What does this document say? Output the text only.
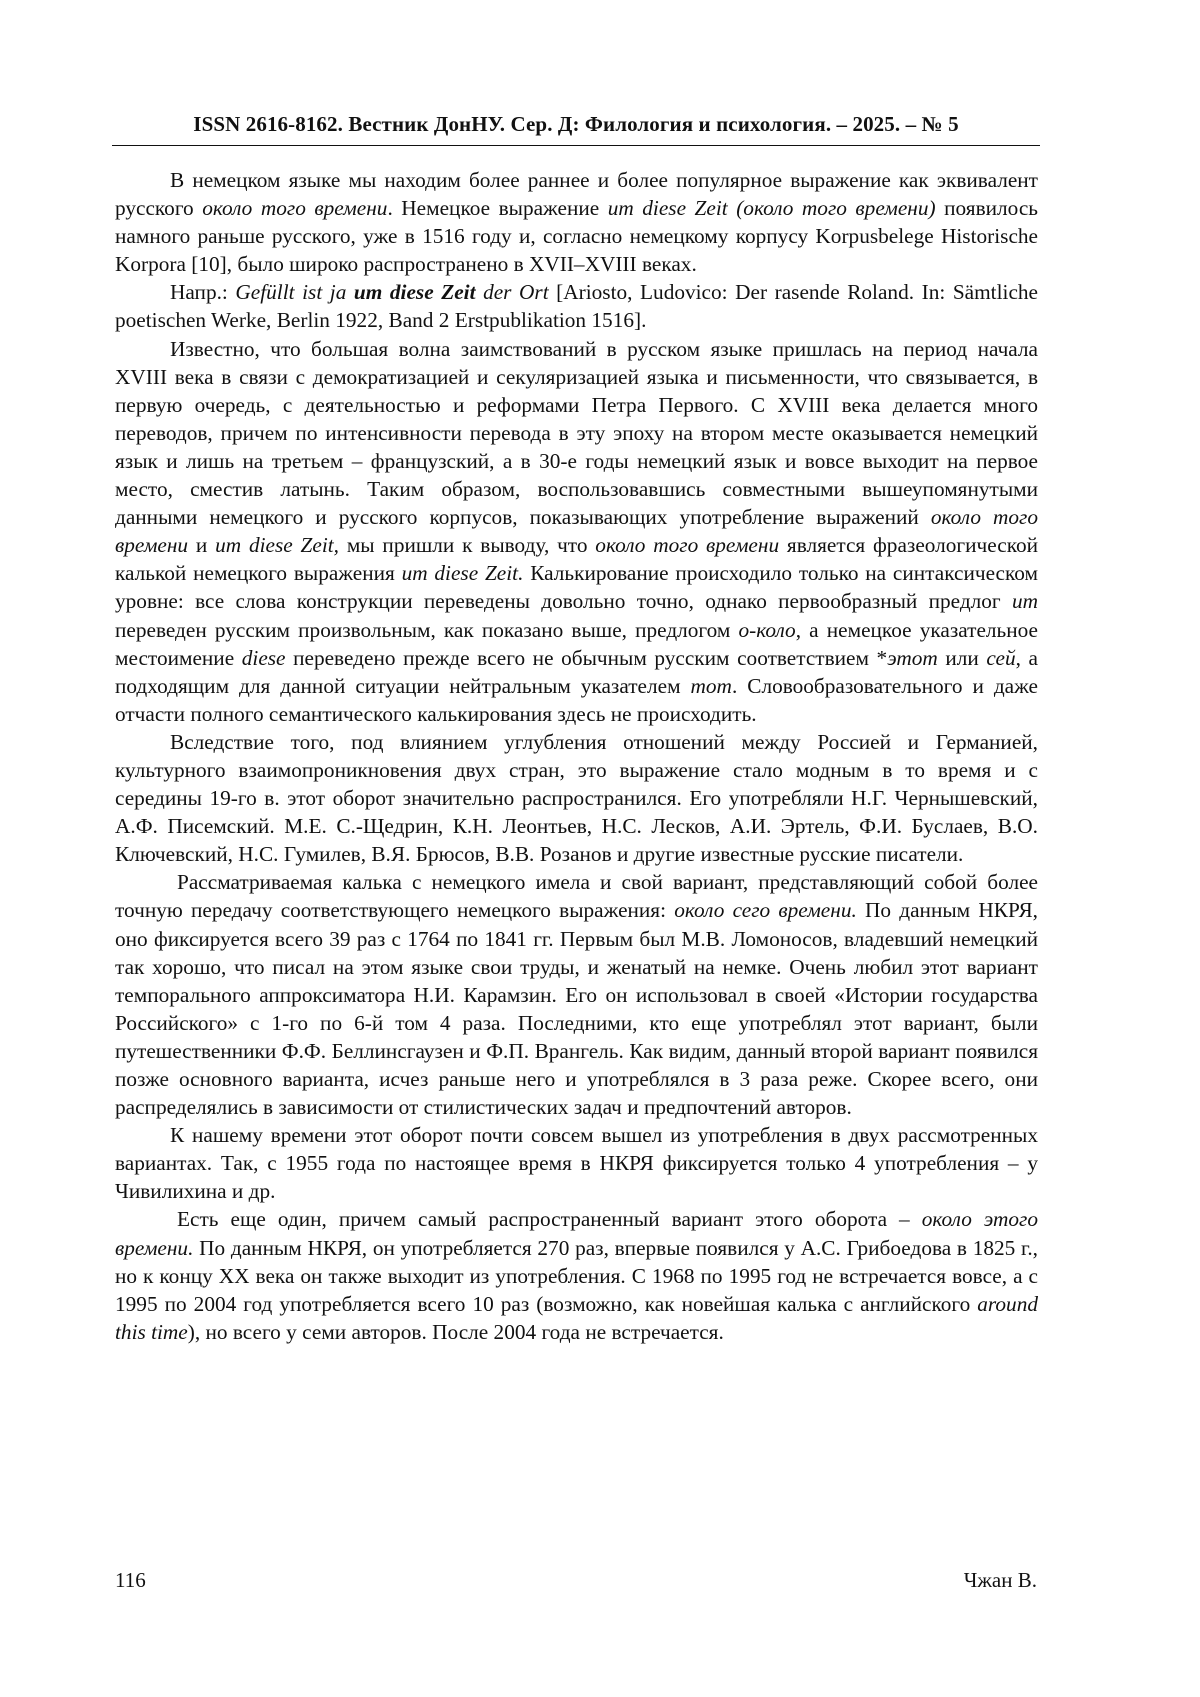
ISSN 2616-8162. Вестник ДонНУ. Сер. Д: Филология и психология. – 2025. – № 5

В немецком языке мы находим более раннее и более популярное выражение как эквивалент русского около того времени. Немецкое выражение um diese Zeit (около того времени) появилось намного раньше русского, уже в 1516 году и, согласно немецкому корпусу Korpusbelege Historische Korpora [10], было широко распространено в XVII–XVIII веках.

Напр.: Gefüllt ist ja um diese Zeit der Ort [Ariosto, Ludovico: Der rasende Roland. In: Sämtliche poetischen Werke, Berlin 1922, Band 2 Erstpublikation 1516].

Известно, что большая волна заимствований в русском языке пришлась на период начала XVIII века в связи с демократизацией и секуляризацией языка и письменности, что связывается, в первую очередь, с деятельностью и реформами Петра Первого. С XVIII века делается много переводов, причем по интенсивности перевода в эту эпоху на втором месте оказывается немецкий язык и лишь на третьем – французский, а в 30-е годы немецкий язык и вовсе выходит на первое место, сместив латынь. Таким образом, воспользовавшись совместными вышеупомянутыми данными немецкого и русского корпусов, показывающих употребление выражений около того времени и um diese Zeit, мы пришли к выводу, что около того времени является фразеологической калькой немецкого выражения um diese Zeit. Калькирование происходило только на синтаксическом уровне: все слова конструкции переведены довольно точно, однако первообразный предлог um переведен русским произвольным, как показано выше, предлогом о-коло, а немецкое указательное местоимение diese переведено прежде всего не обычным русским соответствием *этот или сей, а подходящим для данной ситуации нейтральным указателем тот. Словообразовательного и даже отчасти полного семантического калькирования здесь не происходить.

Вследствие того, под влиянием углубления отношений между Россией и Германией, культурного взаимопроникновения двух стран, это выражение стало модным в то время и с середины 19-го в. этот оборот значительно распространился. Его употребляли Н.Г. Чернышевский, А.Ф. Писемский. М.Е. С.-Щедрин, К.Н. Леонтьев, Н.С. Лесков, А.И. Эртель, Ф.И. Буслаев, В.О. Ключевский, Н.С. Гумилев, В.Я. Брюсов, В.В. Розанов и другие известные русские писатели.

Рассматриваемая калька с немецкого имела и свой вариант, представляющий собой более точную передачу соответствующего немецкого выражения: около сего времени. По данным НКРЯ, оно фиксируется всего 39 раз с 1764 по 1841 гг. Первым был М.В. Ломоносов, владевший немецкий так хорошо, что писал на этом языке свои труды, и женатый на немке. Очень любил этот вариант темпорального аппроксиматора Н.И. Карамзин. Его он использовал в своей «Истории государства Российского» с 1-го по 6-й том 4 раза. Последними, кто еще употреблял этот вариант, были путешественники Ф.Ф. Беллинсгаузен и Ф.П. Врангель. Как видим, данный второй вариант появился позже основного варианта, исчез раньше него и употреблялся в 3 раза реже. Скорее всего, они распределялись в зависимости от стилистических задач и предпочтений авторов.

К нашему времени этот оборот почти совсем вышел из употребления в двух рассмотренных вариантах. Так, с 1955 года по настоящее время в НКРЯ фиксируется только 4 употребления – у Чивилихина и др.

Есть еще один, причем самый распространенный вариант этого оборота – около этого времени. По данным НКРЯ, он употребляется 270 раз, впервые появился у А.С. Грибоедова в 1825 г., но к концу XX века он также выходит из употребления. С 1968 по 1995 год не встречается вовсе, а с 1995 по 2004 год употребляется всего 10 раз (возможно, как новейшая калька с английского around this time), но всего у семи авторов. После 2004 года не встречается.

116	Чжан В.
